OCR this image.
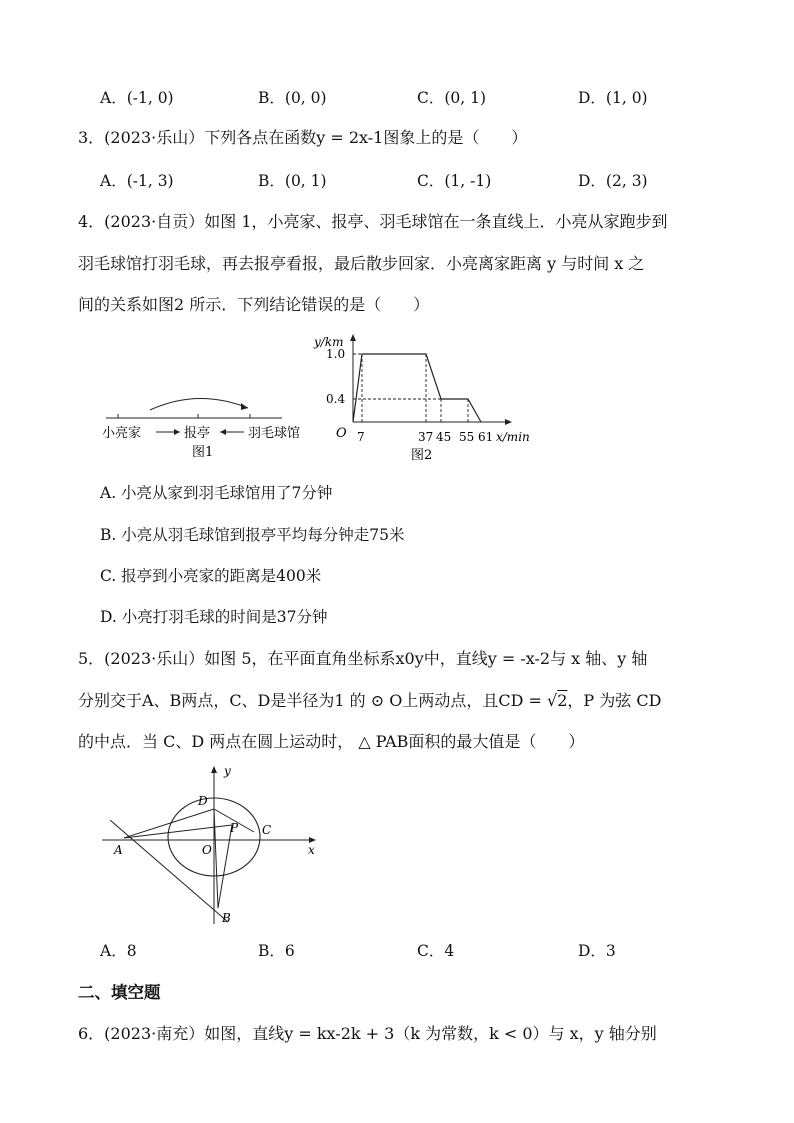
A．(-1, 0)	B．(0, 0)	C．(0, 1)	D．(1, 0)
3．(2023·乐山）下列各点在函数y = 2x-1图象上的是（　　）
A．(-1, 3)	B．(0, 1)	C．(1, -1)	D．(2, 3)
4．(2023·自贡）如图 1，小亮家、报亭、羽毛球馆在一条直线上．小亮从家跑步到
羽毛球馆打羽毛球，再去报亭看报，最后散步回家．小亮离家距离 y 与时间 x 之
间的关系如图2 所示．下列结论错误的是（　　）
小亮家	报亭	羽毛球馆
图1
y/km
x/min
O
1.0
0.4
7	37 45 55 61
图2
A. 小亮从家到羽毛球馆用了7分钟
B. 小亮从羽毛球馆到报亭平均每分钟走75米
C. 报亭到小亮家的距离是400米
D. 小亮打羽毛球的时间是37分钟
5．(2023·乐山）如图 5，在平面直角坐标系x0y中，直线y = -x-2与 x 轴、y 轴
分别交于A、B两点，C、D是半径为1 的 ⊙ O上两动点，且CD = √2，P 为弦 CD
的中点．当 C、D 两点在圆上运动时， △ PAB面积的最大值是（　　）
y
x
D
P C
A	O
B
A．8	B．6	C．4	D．3
二、填空题
6．(2023·南充）如图，直线y = kx-2k + 3（k 为常数，k < 0）与 x，y 轴分别
